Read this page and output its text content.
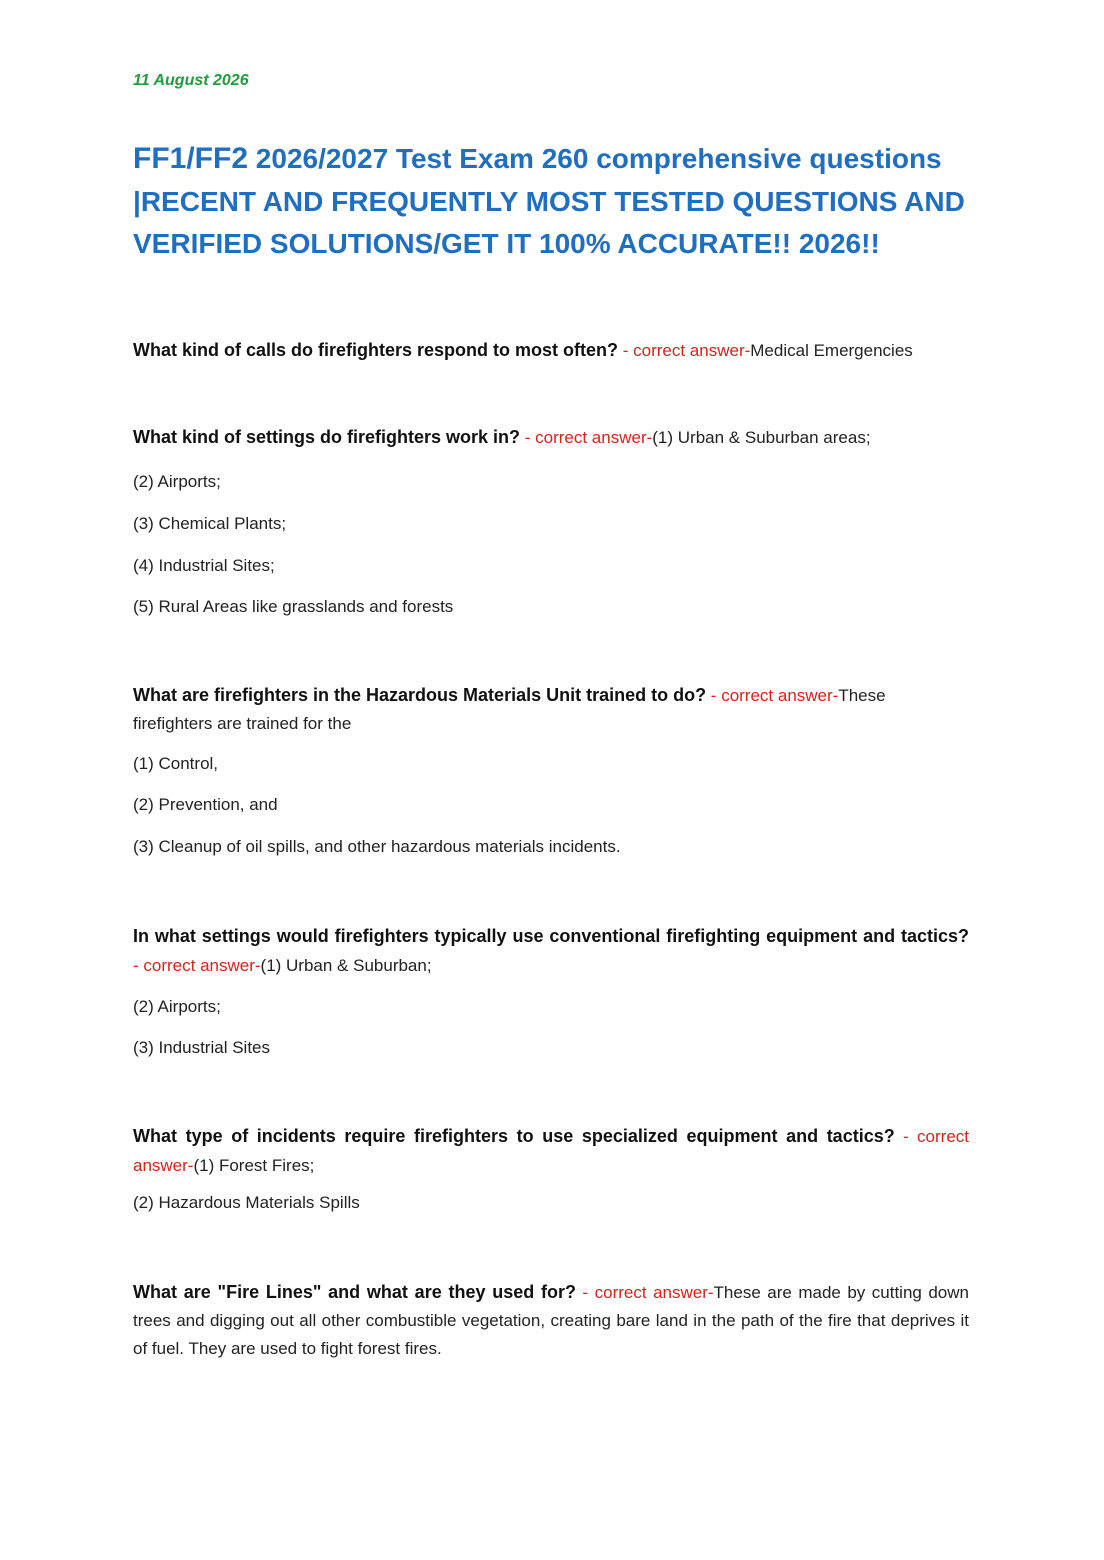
11 August 2026
FF1/FF2 2026/2027 Test Exam 260 comprehensive questions |RECENT AND FREQUENTLY MOST TESTED QUESTIONS AND VERIFIED SOLUTIONS/GET IT 100% ACCURATE!! 2026!!
What kind of calls do firefighters respond to most often? - correct answer-Medical Emergencies
What kind of settings do firefighters work in? - correct answer-(1) Urban & Suburban areas;
(2) Airports;
(3) Chemical Plants;
(4) Industrial Sites;
(5) Rural Areas like grasslands and forests
What are firefighters in the Hazardous Materials Unit trained to do? - correct answer-These firefighters are trained for the
(1) Control,
(2) Prevention, and
(3) Cleanup of oil spills, and other hazardous materials incidents.
In what settings would firefighters typically use conventional firefighting equipment and tactics? - correct answer-(1) Urban & Suburban;
(2) Airports;
(3) Industrial Sites
What type of incidents require firefighters to use specialized equipment and tactics? - correct answer-(1) Forest Fires;
(2) Hazardous Materials Spills
What are "Fire Lines" and what are they used for? - correct answer-These are made by cutting down trees and digging out all other combustible vegetation, creating bare land in the path of the fire that deprives it of fuel. They are used to fight forest fires.
